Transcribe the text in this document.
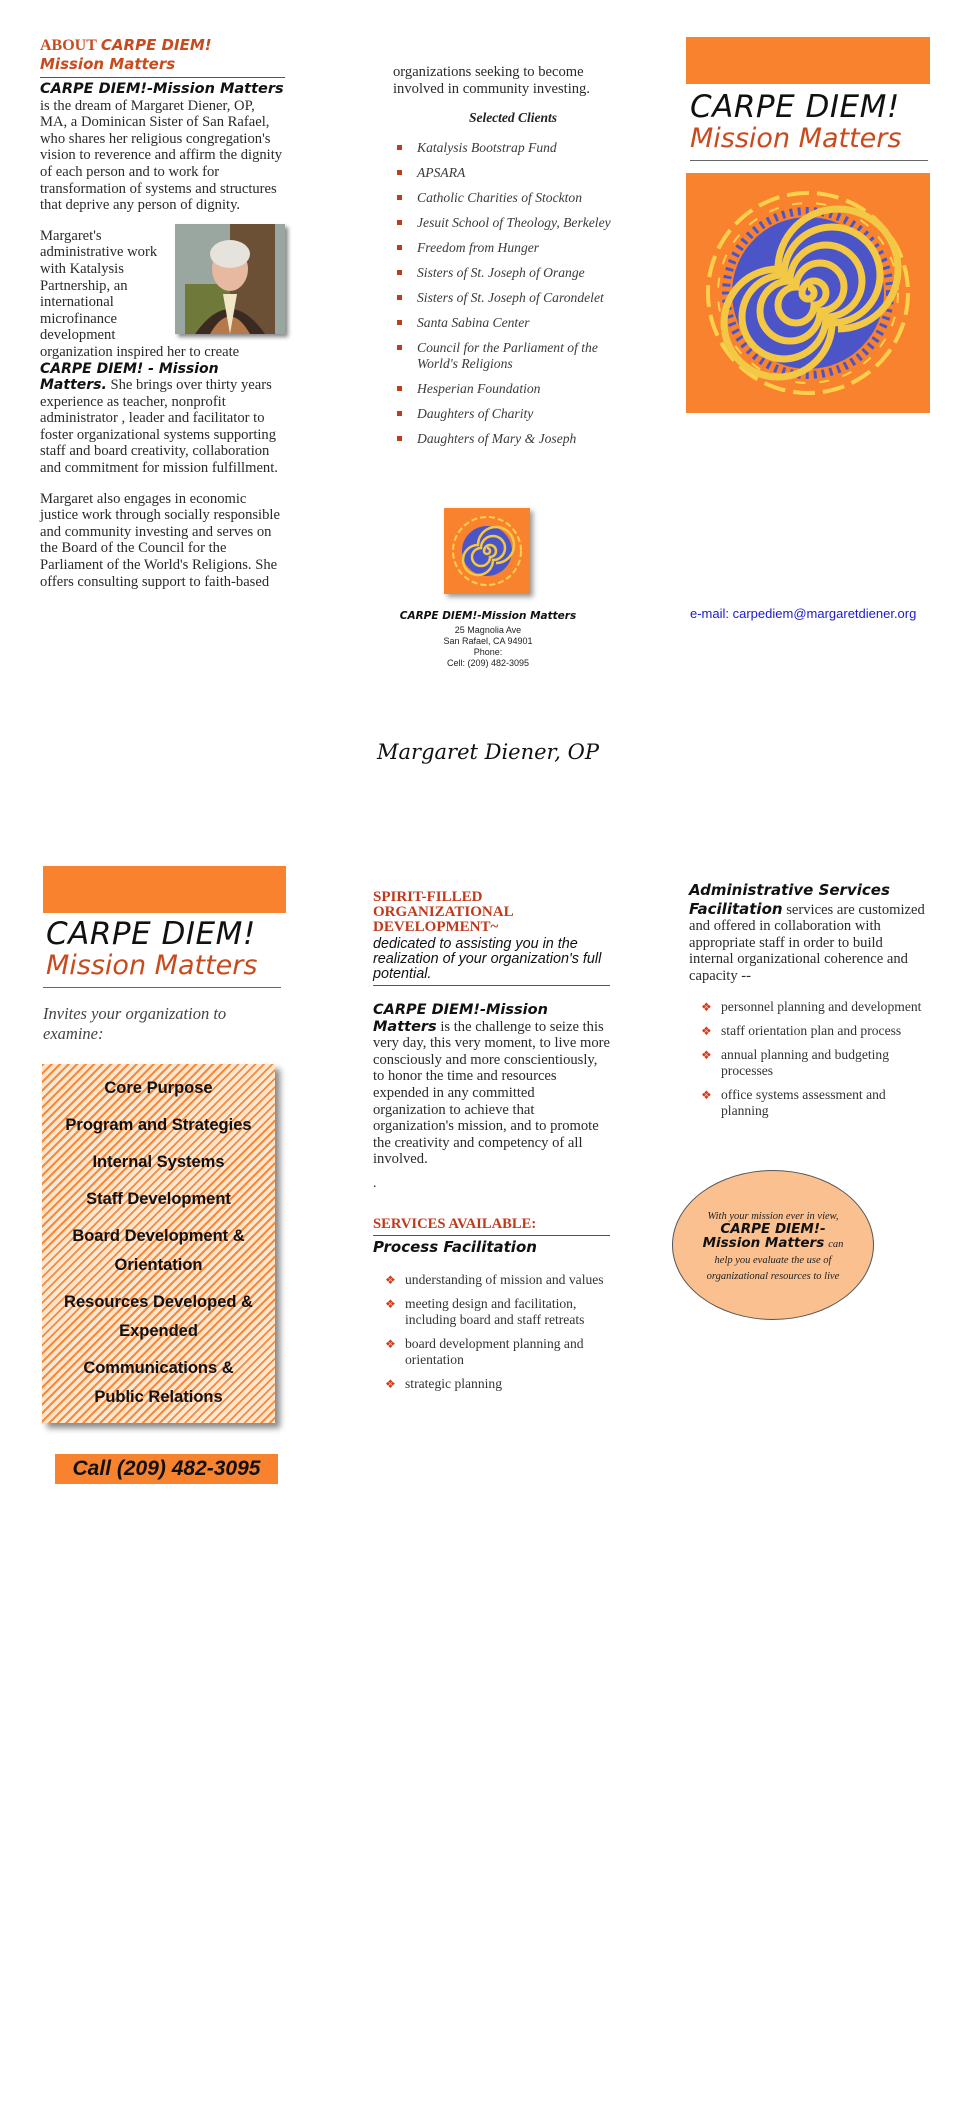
ABOUT CARPE DIEM!
Mission Matters
CARPE DIEM!-Mission Matters is the dream of Margaret Diener, OP, MA, a Dominican Sister of San Rafael, who shares her religious congregation's vision to reverence and affirm the dignity of each person and to work for transformation of systems and structures that deprive any person of dignity.
Margaret's administrative work with Katalysis Partnership, an international microfinance development organization inspired her to create CARPE DIEM! - Mission Matters. She brings over thirty years experience as teacher, nonprofit administrator , leader and facilitator to foster organizational systems supporting staff and board creativity, collaboration and commitment for mission fulfillment.
Margaret also engages in economic justice work through socially responsible and community investing and serves on the Board of the Council for the Parliament of the World's Religions. She offers consulting support to faith-based
organizations seeking to become involved in community investing.
Selected Clients
Katalysis Bootstrap Fund
APSARA
Catholic Charities of Stockton
Jesuit School of Theology, Berkeley
Freedom from Hunger
Sisters of St. Joseph of Orange
Sisters of St. Joseph of Carondelet
Santa Sabina Center
Council for the Parliament of the World's Religions
Hesperian Foundation
Daughters of Charity
Daughters of Mary & Joseph
CARPE DIEM!-Mission Matters
25 Magnolia Ave
San Rafael, CA 94901
Phone:
Cell: (209) 482-3095
CARPE DIEM!
Mission Matters
e-mail: carpediem@margaretdiener.org
Margaret Diener, OP
CARPE DIEM!
Mission Matters
Invites your organization to examine:
Core Purpose
Program and Strategies
Internal Systems
Staff Development
Board Development & Orientation
Resources Developed & Expended
Communications & Public Relations
Call (209) 482-3095
SPIRIT-FILLED ORGANIZATIONAL DEVELOPMENT~
dedicated to assisting you in the realization of your organization's full potential.
CARPE DIEM!-Mission Matters is the challenge to seize this very day, this very moment, to live more consciously and more conscientiously, to honor the time and resources expended in any committed organization to achieve that organization's mission, and to promote the creativity and competency of all involved.
.
SERVICES AVAILABLE:
Process Facilitation
❖ understanding of mission and values
❖ meeting design and facilitation, including board and staff retreats
❖ board development planning and orientation
❖ strategic planning
Administrative Services Facilitation services are customized and offered in collaboration with appropriate staff in order to build internal organizational coherence and capacity --
❖ personnel planning and development
❖ staff orientation plan and process
❖ annual planning and budgeting processes
❖ office systems assessment and planning
With your mission ever in view,
CARPE DIEM!-Mission Matters can help you evaluate the use of organizational resources to live
